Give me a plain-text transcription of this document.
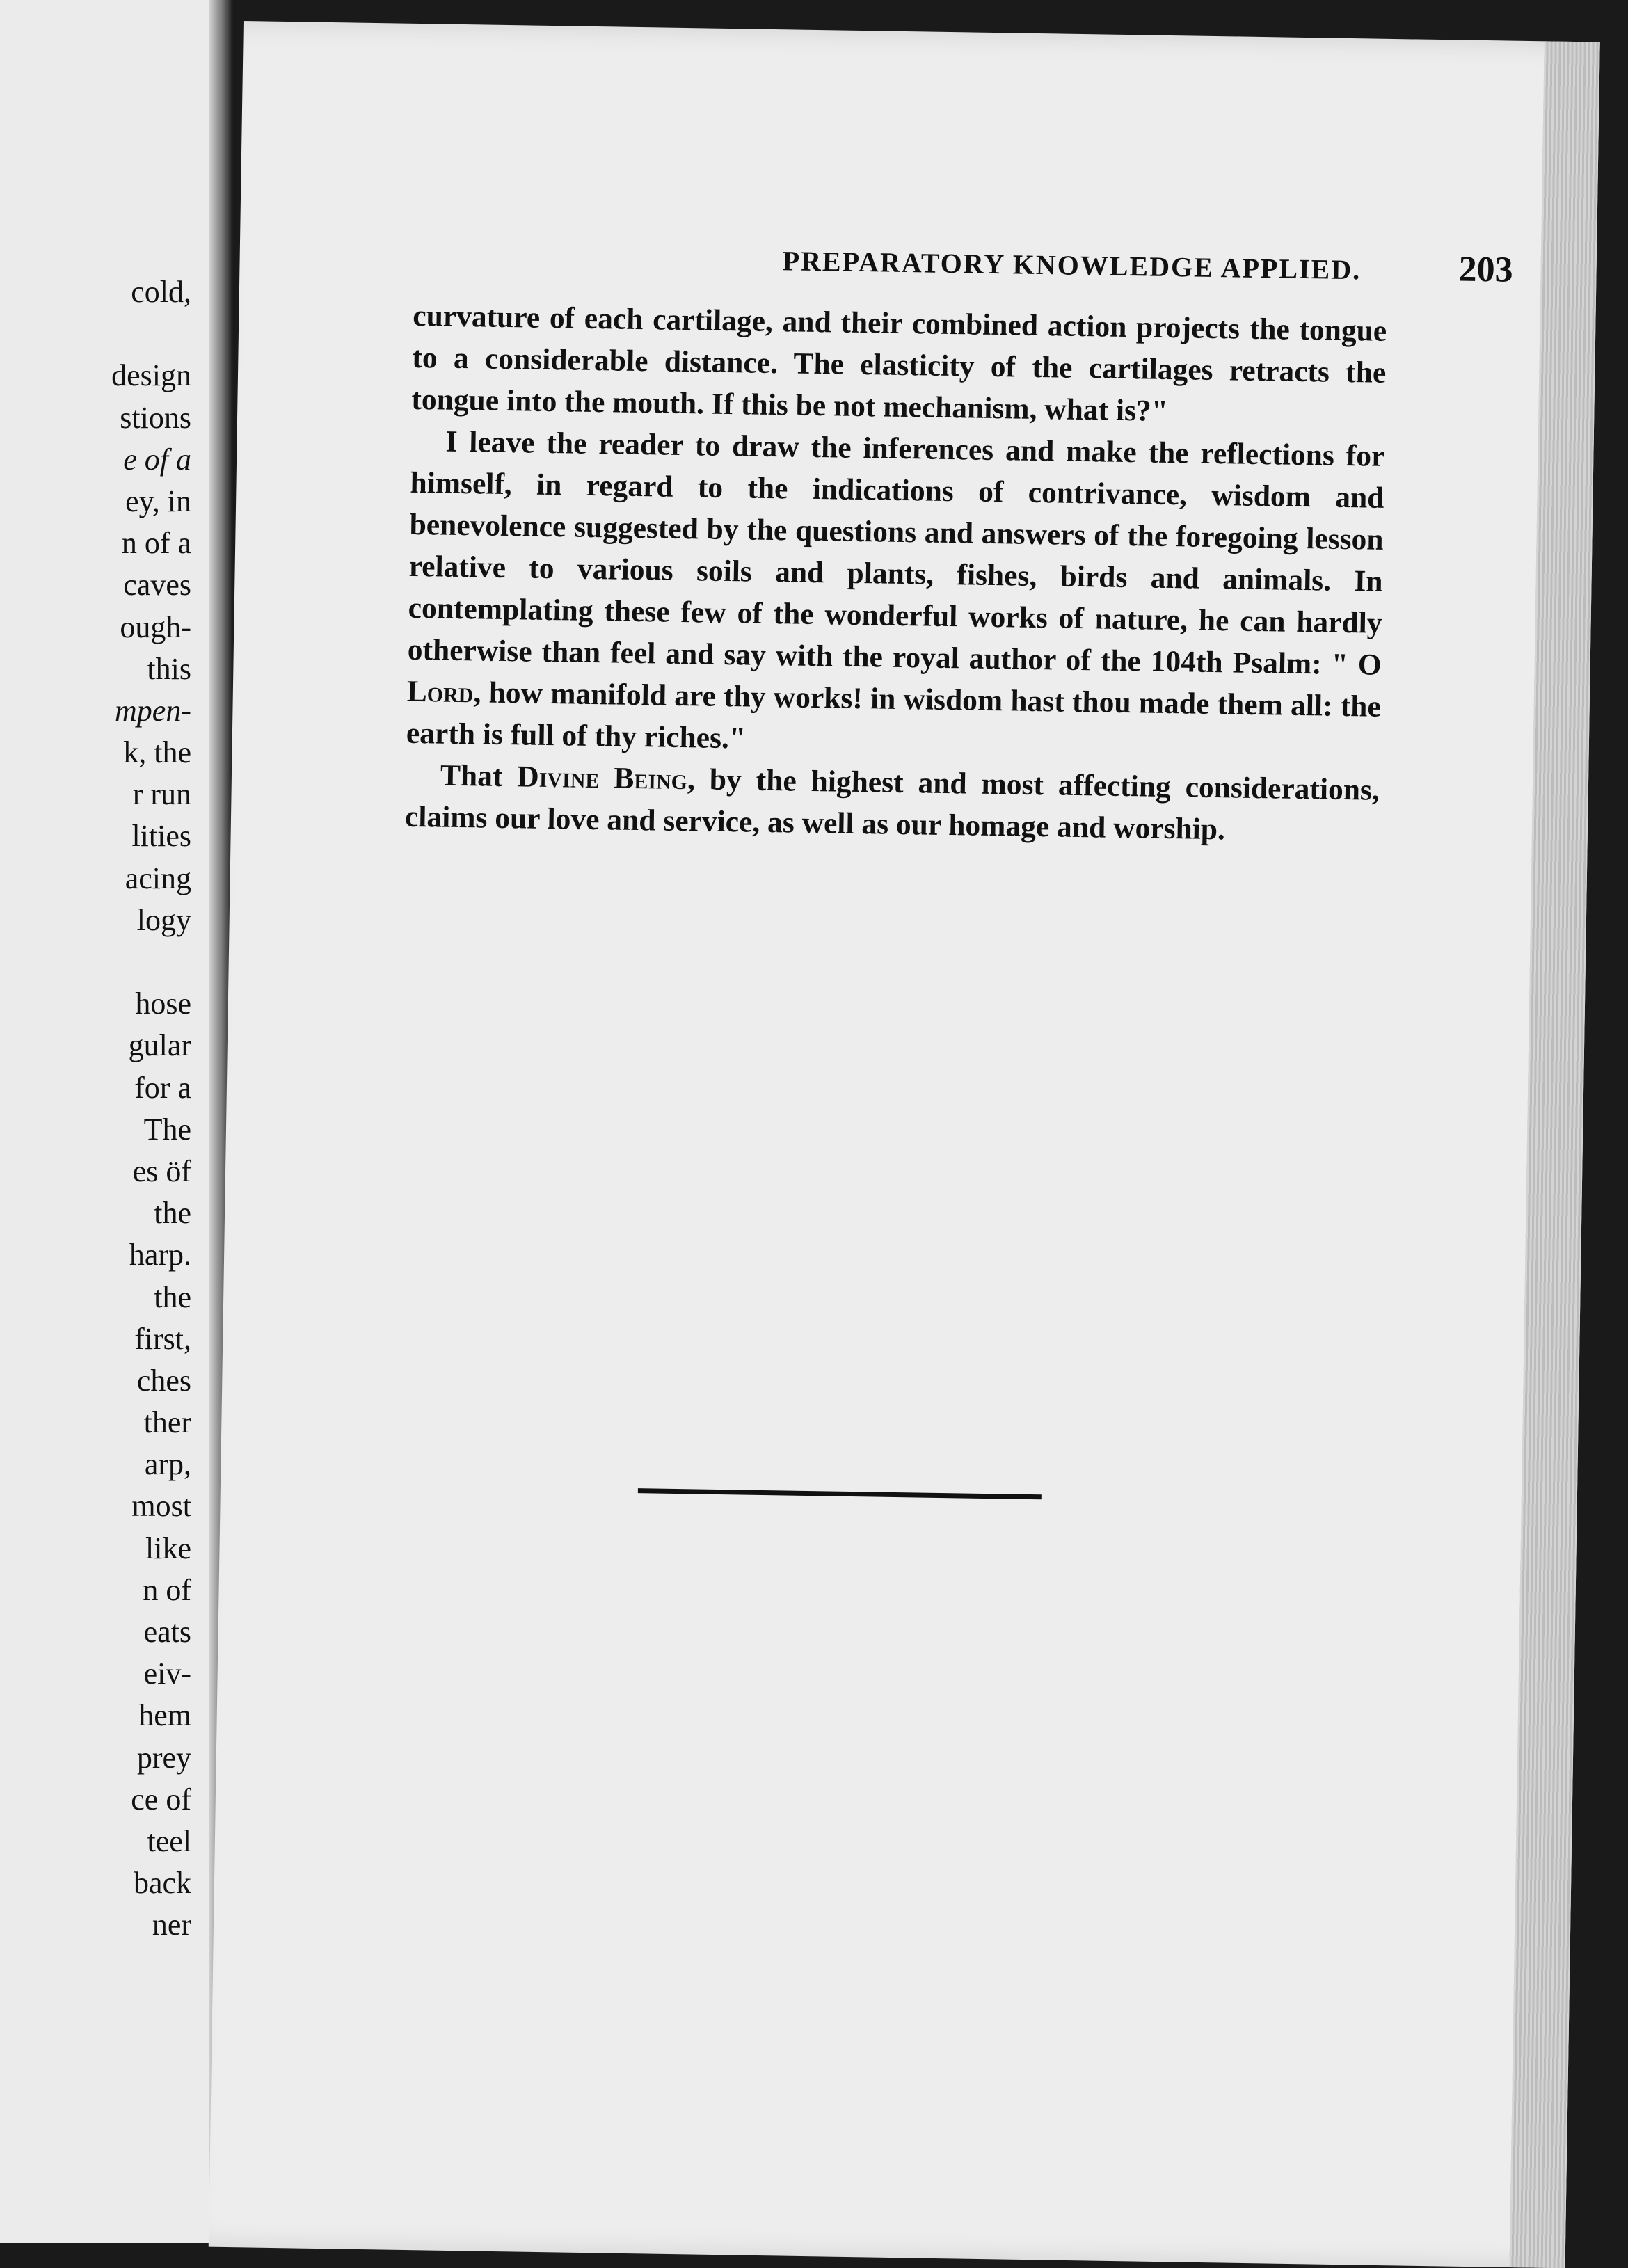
cold,
design
stions
e of a
ey, in
n of a
caves
ough-
this
mpen-
k, the
r run
lities
acing
logy
hose
gular
for a
The
es öf
the
harp.
the
first,
ches
ther
arp,
most
like
n of
eats
eiv-
hem
prey
ce of
teel
back
ner
PREPARATORY KNOWLEDGE APPLIED.	203

curvature of each cartilage, and their combined action projects the tongue to a considerable distance. The elasticity of the cartilages retracts the tongue into the mouth. If this be not mechanism, what is?"

I leave the reader to draw the inferences and make the reflections for himself, in regard to the indications of contrivance, wisdom and benevolence suggested by the questions and answers of the foregoing lesson relative to various soils and plants, fishes, birds and animals. In contemplating these few of the wonderful works of nature, he can hardly otherwise than feel and say with the royal author of the 104th Psalm: " O Lord, how manifold are thy works! in wisdom hast thou made them all: the earth is full of thy riches."

That Divine Being, by the highest and most affecting considerations, claims our love and service, as well as our homage and worship.
